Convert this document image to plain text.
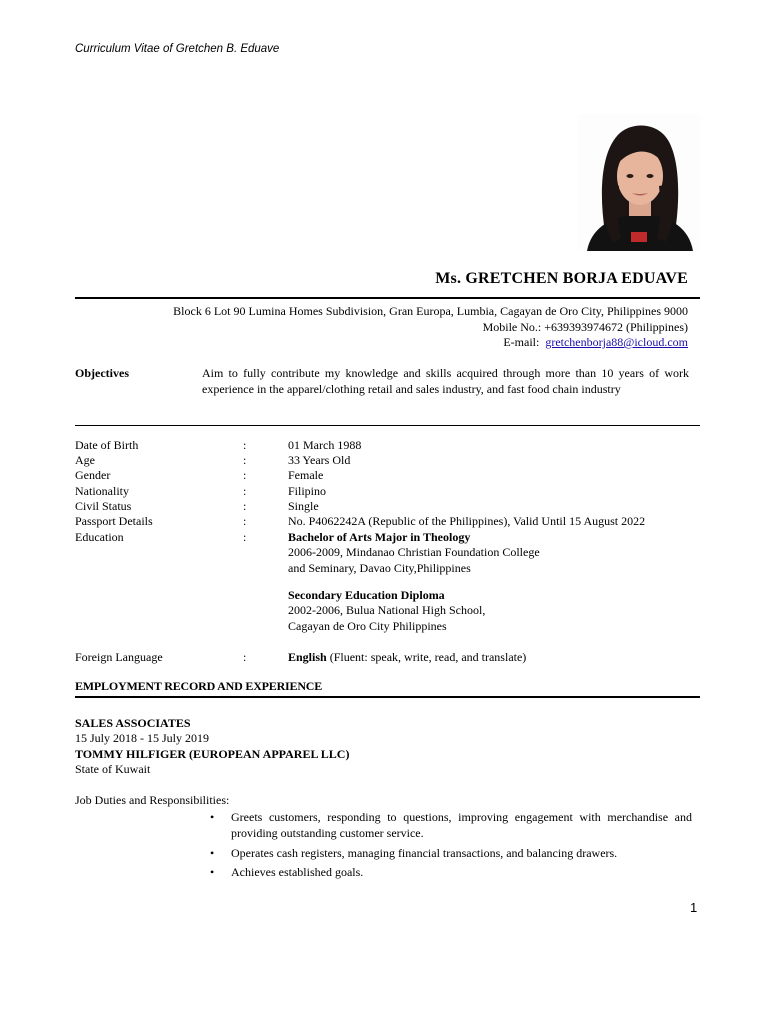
Curriculum Vitae of Gretchen B. Eduave
Ms. GRETCHEN BORJA EDUAVE
Block 6 Lot 90 Lumina Homes Subdivision, Gran Europa, Lumbia, Cagayan de Oro City, Philippines 9000
Mobile No.: +639393974672 (Philippines)
E-mail: gretchenborja88@icloud.com
Objectives	Aim to fully contribute my knowledge and skills acquired through more than 10 years of work experience in the apparel/clothing retail and sales industry, and fast food chain industry
Date of Birth	:	01 March 1988
Age	:	33 Years Old
Gender	:	Female
Nationality	:	Filipino
Civil Status	:	Single
Passport Details	:	No. P4062242A (Republic of the Philippines), Valid Until 15 August 2022
Education	:	Bachelor of Arts Major in Theology
2006-2009, Mindanao Christian Foundation College
and Seminary, Davao City,Philippines
Secondary Education Diploma
2002-2006, Bulua National High School,
Cagayan de Oro City Philippines
Foreign Language	:	English (Fluent: speak, write, read, and translate)
EMPLOYMENT RECORD AND EXPERIENCE
SALES ASSOCIATES
15 July 2018 - 15 July 2019
TOMMY HILFIGER (EUROPEAN APPAREL LLC)
State of Kuwait
Job Duties and Responsibilities:
• Greets customers, responding to questions, improving engagement with merchandise and providing outstanding customer service.
• Operates cash registers, managing financial transactions, and balancing drawers.
• Achieves established goals.
1
